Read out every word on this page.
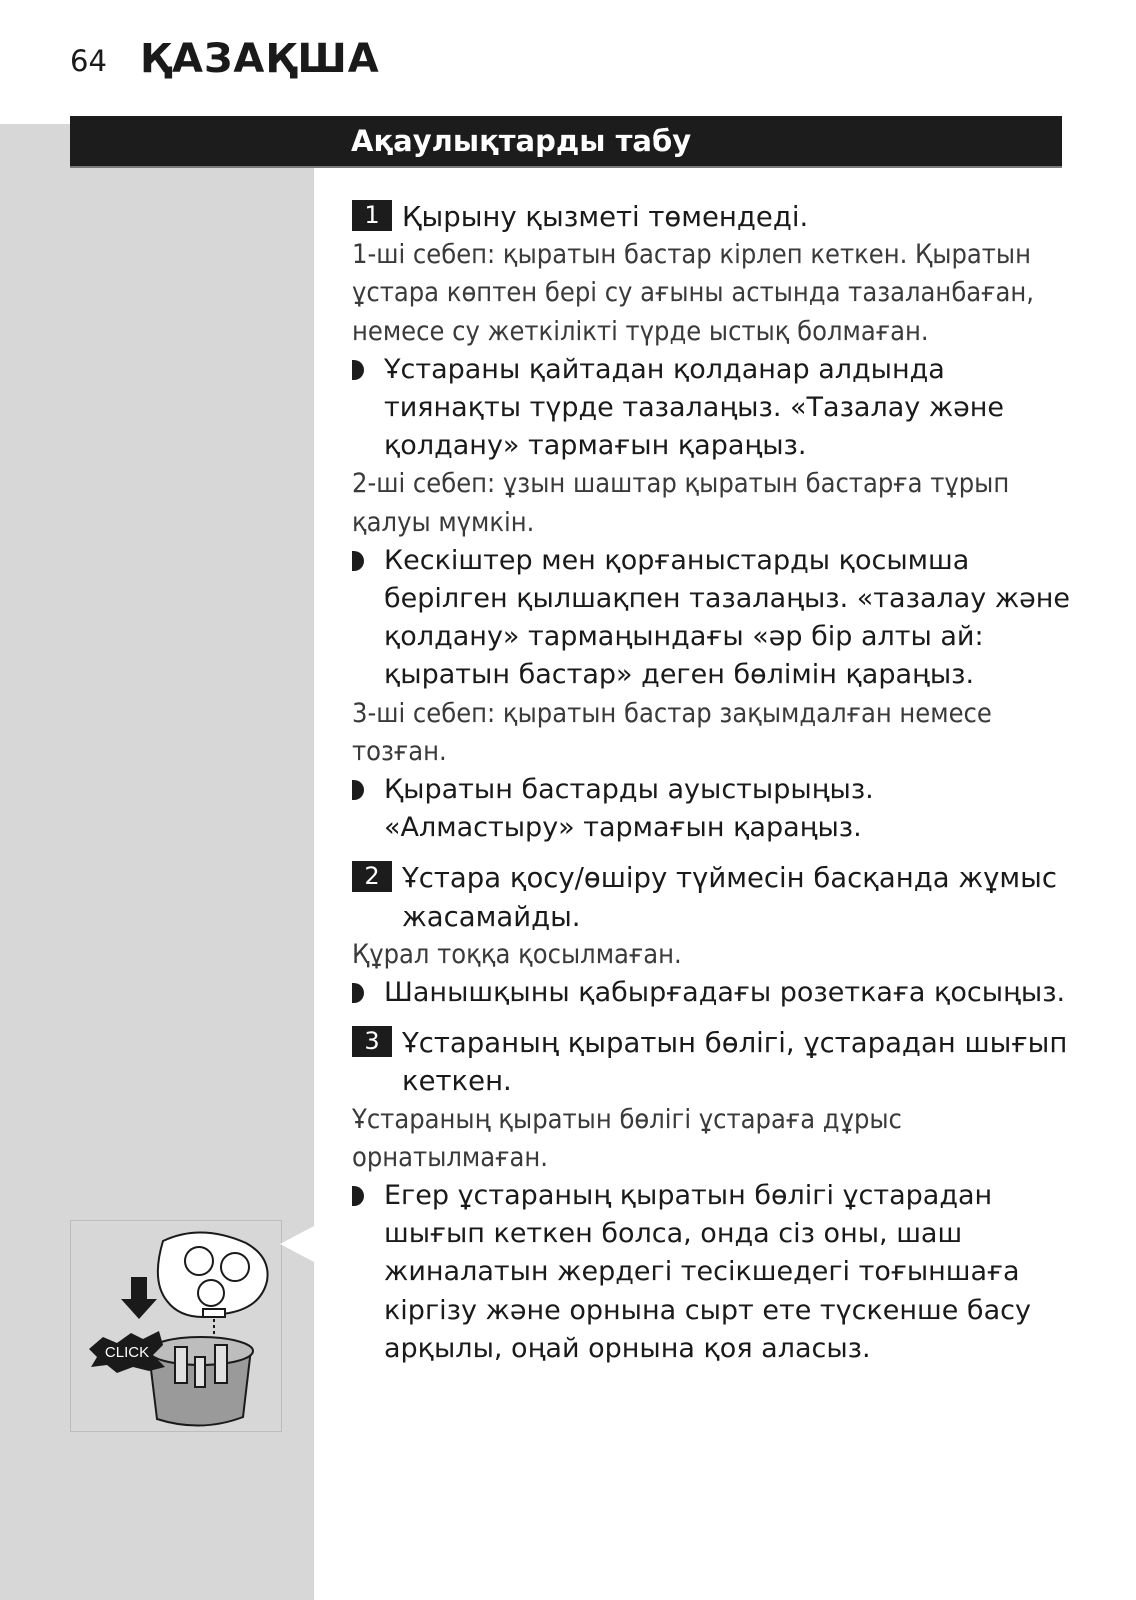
64 ҚАЗАҚША
Ақаулықтарды табу

1 Қырыну қызметі төмендеді.

1-ші себеп: қыратын бастар кірлеп кеткен. Қыратын ұстара көптен бері су ағыны астында тазаланбаған, немесе су жеткілікті түрде ыстық болмаған.

Ұстараны қайтадан қолданар алдында тиянақты түрде тазалаңыз. «Тазалау және қолдану» тармағын қараңыз.

2-ші себеп: ұзын шаштар қыратын бастарға тұрып қалуы мүмкін.

Кескіштер мен қорғаныстарды қосымша берілген қылшақпен тазалаңыз. «тазалау және қолдану» тармаңындағы «әр бір алты ай: қыратын бастар» деген бөлімін қараңыз.

3-ші себеп: қыратын бастар зақымдалған немесе тозған.

Қыратын бастарды ауыстырыңыз. «Алмастыру» тармағын қараңыз.

2 Ұстара қосу/өшіру түймесін басқанда жұмыс жасамайды.

Құрал тоққа қосылмаған.

Шанышқыны қабырғадағы розеткаға қосыңыз.

3 Ұстараның қыратын бөлігі, ұстарадан шығып кеткен.

Ұстараның қыратын бөлігі ұстараға дұрыс орнатылмаған.

Егер ұстараның қыратын бөлігі ұстарадан шығып кеткен болса, онда сіз оны, шаш жиналатын жердегі тесікшедегі тоғыншаға кіргізу және орнына сырт ете түскенше басу арқылы, оңай орнына қоя аласыз.

CLICK
